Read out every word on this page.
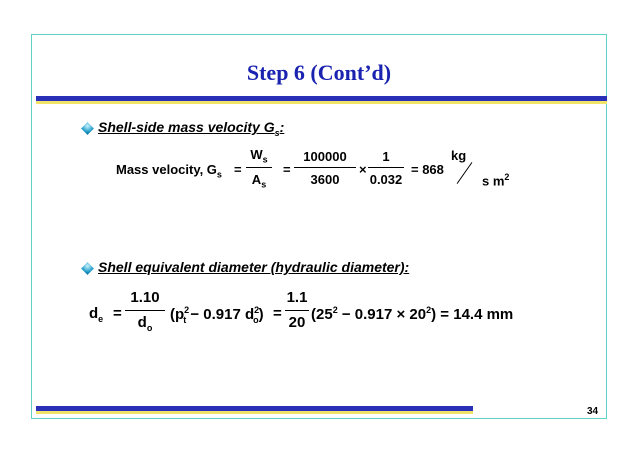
Step 6 (Cont’d)
Shell-side mass velocity $G_s$:
Mass velocity, $G_s$ =
$W_s$
$A_s$
=
100000
3600
×
1
0.032
= 868
kg
s $m^2$
Shell equivalent diameter (hydraulic diameter):
$d_e$ =
1.10
$d_o$
($p^2_t - 0.917$ $d^2_o$) =
1.1
20 $(25^2 - 0.917 \times 20^2) = 14.4$ mm
34
